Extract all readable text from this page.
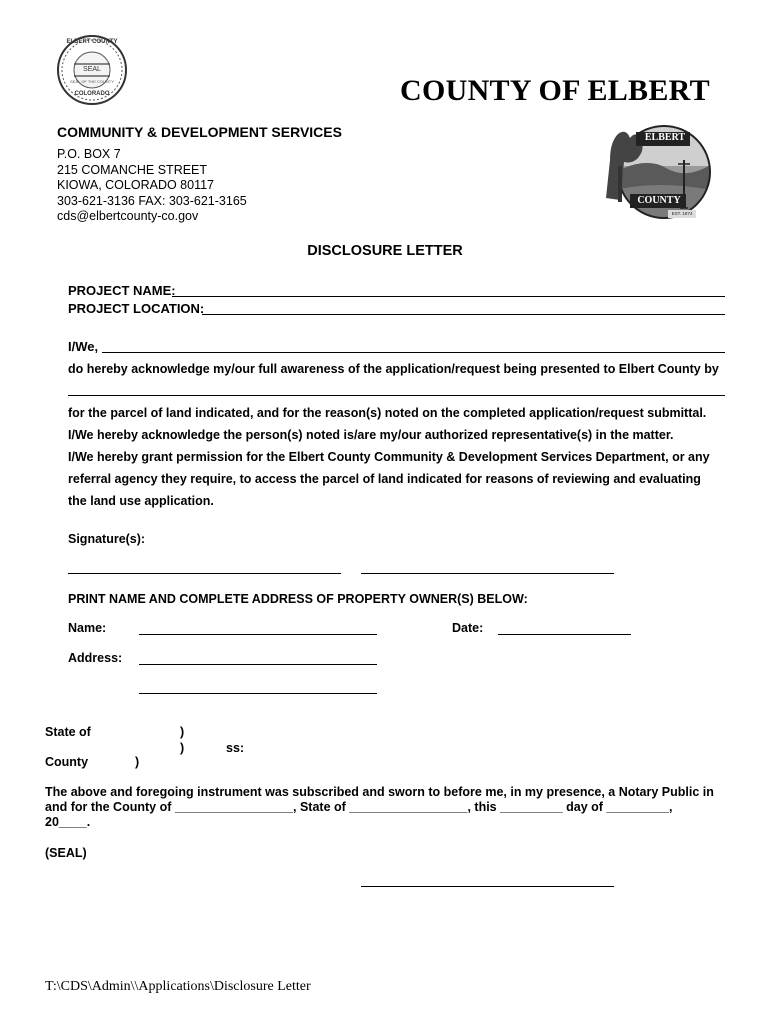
ELBERT COUNTY
SEAL
SEAL OF THE COUNTY
COLORADO	COUNTY OF ELBERT
COMMUNITY & DEVELOPMENT SERVICES
P.O. BOX 7
215 COMANCHE STREET
KIOWA, COLORADO 80117
303-621-3136 FAX: 303-621-3165
cds@elbertcounty-co.gov
ELBERT
COUNTY
EST. 1874
DISCLOSURE LETTER
PROJECT NAME:
PROJECT LOCATION:
I/We,
do hereby acknowledge my/our full awareness of the application/request being presented to Elbert County by
for the parcel of land indicated, and for the reason(s) noted on the completed application/request submittal.
I/We hereby acknowledge the person(s) noted is/are my/our authorized representative(s) in the matter.
I/We hereby grant permission for the Elbert County Community & Development Services Department, or any
referral agency they require, to access the parcel of land indicated for reasons of reviewing and evaluating
the land use application.
Signature(s):
PRINT NAME AND COMPLETE ADDRESS OF PROPERTY OWNER(S) BELOW:
Name:	Date:
Address:
State of	)
)	ss:
County	)
The above and foregoing instrument was subscribed and sworn to before me, in my presence, a Notary Public in
and for the County of _________________, State of _________________, this _________ day of _________,
20____.
(SEAL)
T:\CDS\Admin\\Applications\Disclosure Letter
